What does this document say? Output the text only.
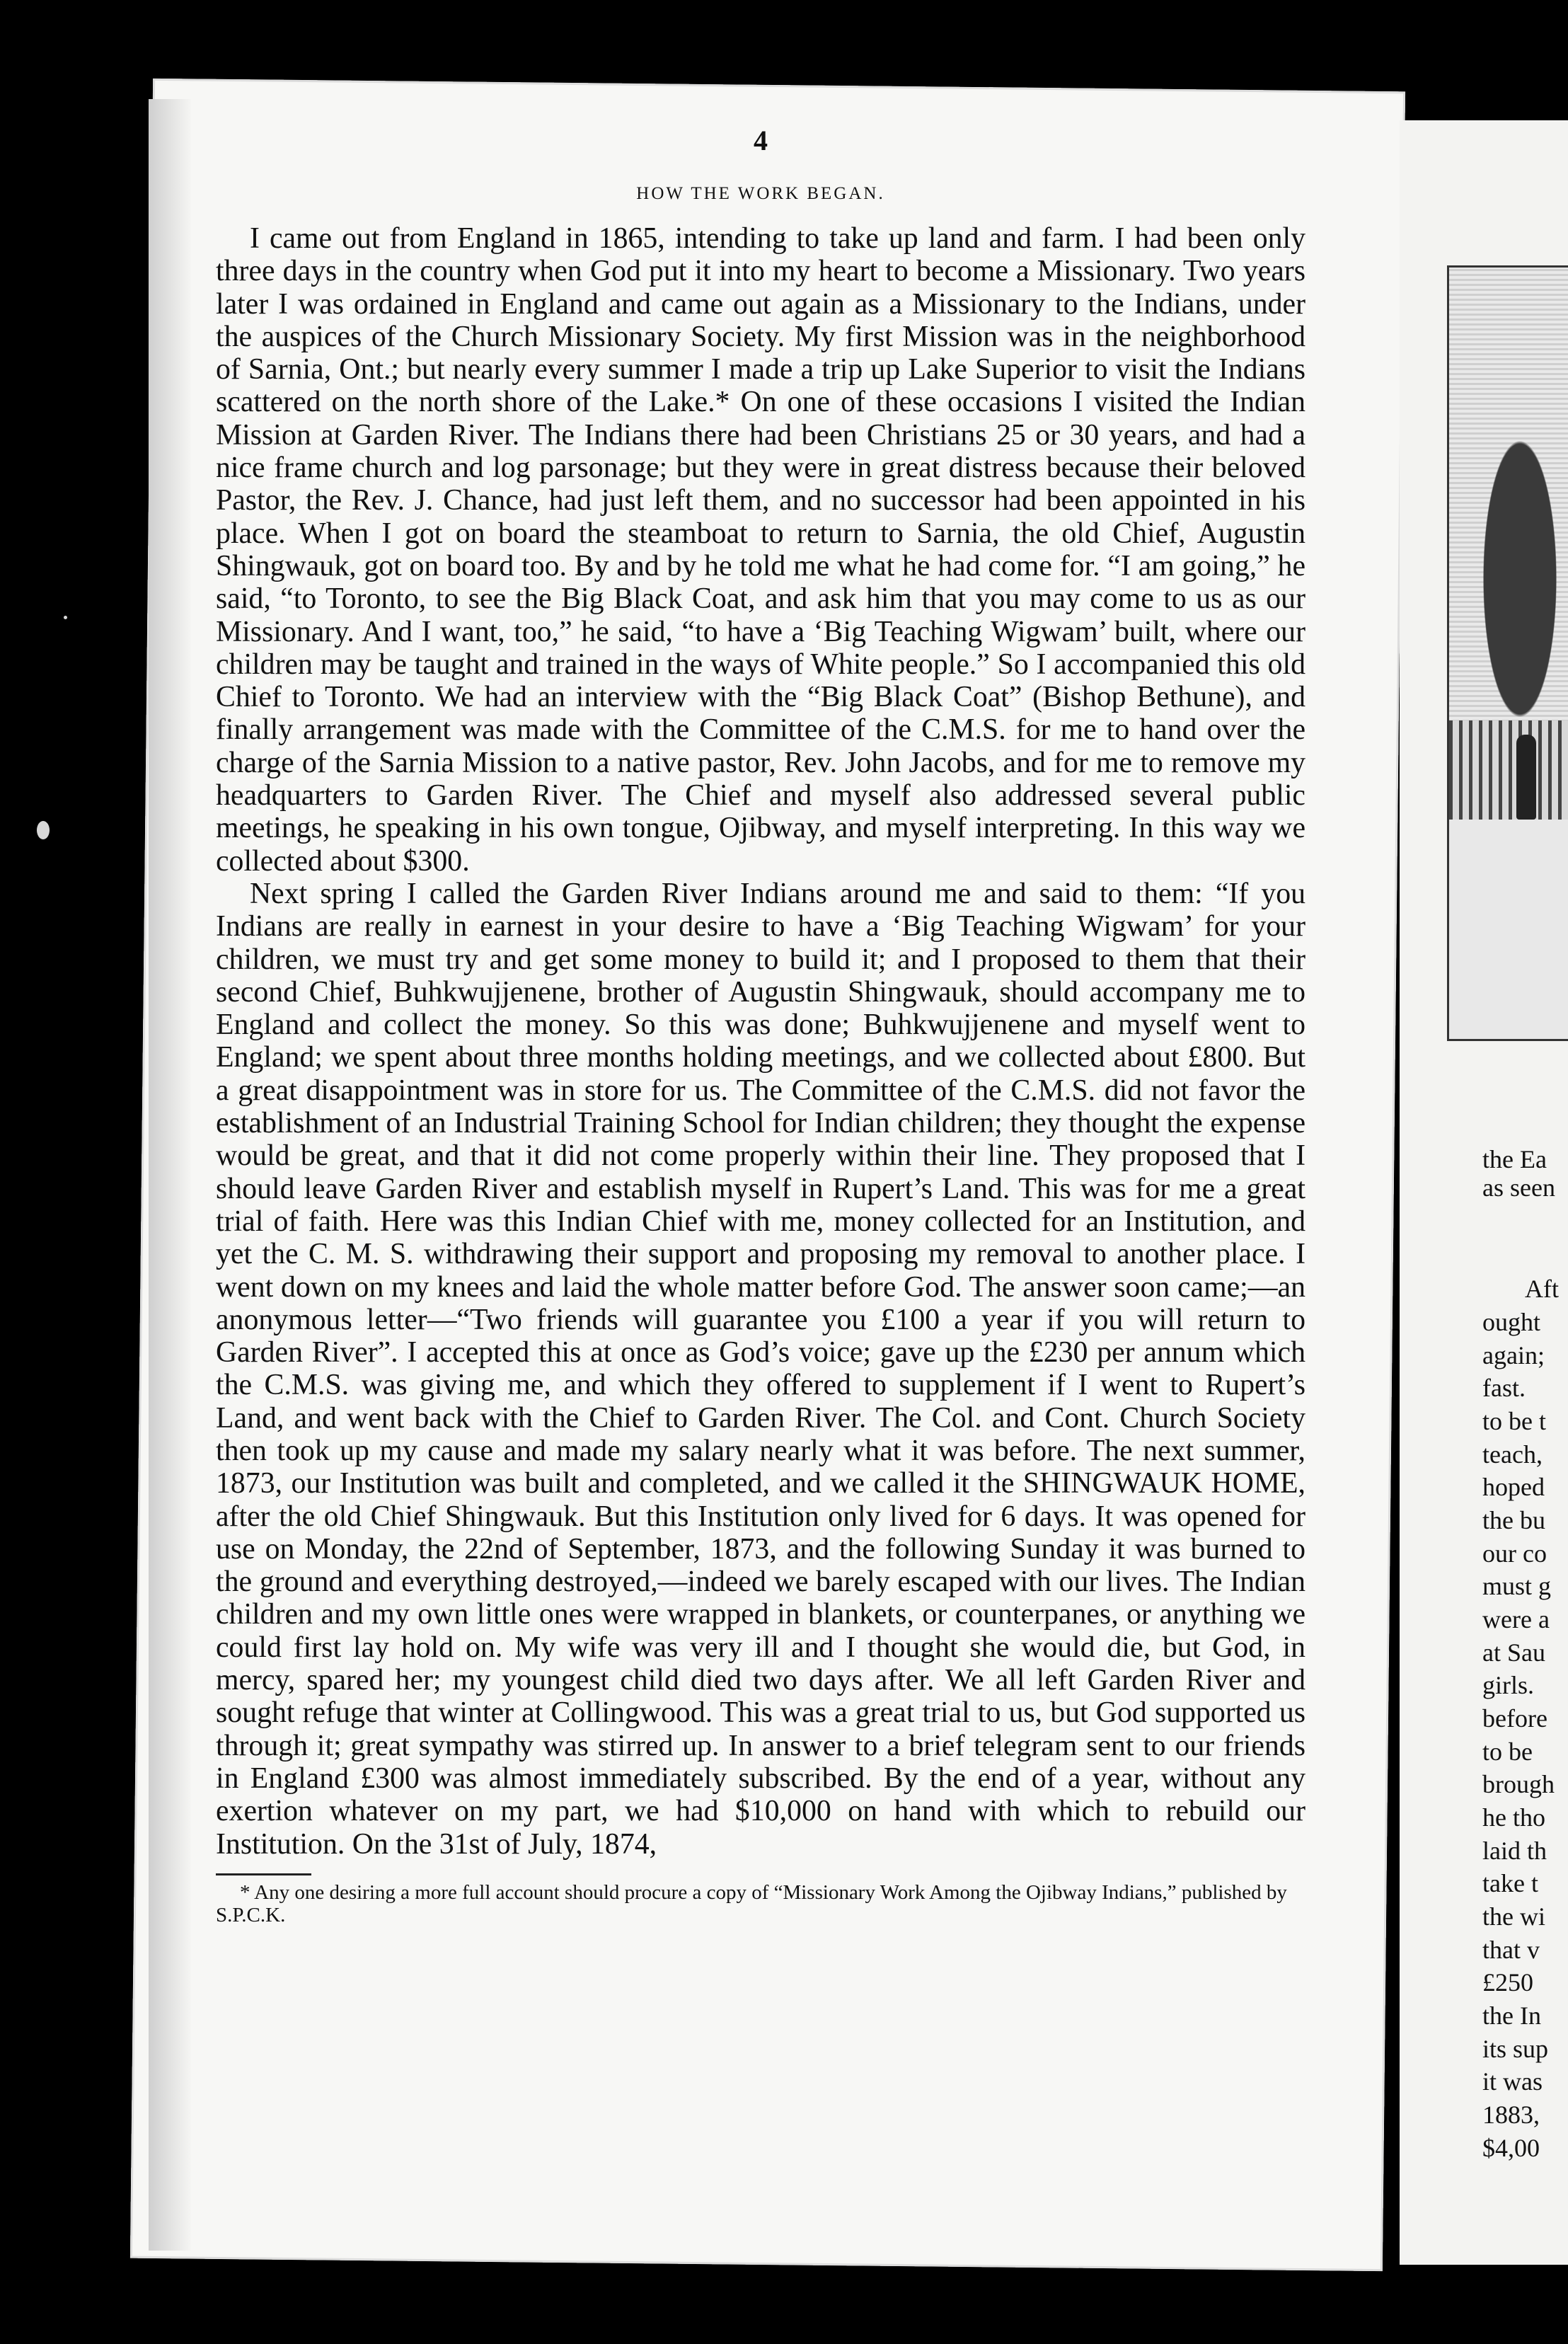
4
HOW THE WORK BEGAN.

I came out from England in 1865, intending to take up land and farm. I had been only three days in the country when God put it into my heart to become a Missionary. Two years later I was ordained in England and came out again as a Missionary to the Indians, under the auspices of the Church Missionary Society. My first Mission was in the neighborhood of Sarnia, Ont.; but nearly every summer I made a trip up Lake Superior to visit the Indians scattered on the north shore of the Lake.* On one of these occasions I visited the Indian Mission at Garden River. The Indians there had been Christians 25 or 30 years, and had a nice frame church and log parsonage; but they were in great distress because their beloved Pastor, the Rev. J. Chance, had just left them, and no successor had been appointed in his place. When I got on board the steamboat to return to Sarnia, the old Chief, Augustin Shingwauk, got on board too. By and by he told me what he had come for. “I am going,” he said, “to Toronto, to see the Big Black Coat, and ask him that you may come to us as our Missionary. And I want, too,” he said, “to have a ‘Big Teaching Wigwam’ built, where our children may be taught and trained in the ways of White people.” So I accompanied this old Chief to Toronto. We had an interview with the “Big Black Coat” (Bishop Bethune), and finally arrangement was made with the Committee of the C.M.S. for me to hand over the charge of the Sarnia Mission to a native pastor, Rev. John Jacobs, and for me to remove my headquarters to Garden River. The Chief and myself also addressed several public meetings, he speaking in his own tongue, Ojibway, and myself interpreting. In this way we collected about $300.

Next spring I called the Garden River Indians around me and said to them: “If you Indians are really in earnest in your desire to have a ‘Big Teaching Wigwam’ for your children, we must try and get some money to build it; and I proposed to them that their second Chief, Buhkwujjenene, brother of Augustin Shingwauk, should accompany me to England and collect the money. So this was done; Buhkwujjenene and myself went to England; we spent about three months holding meetings, and we collected about £800. But a great disappointment was in store for us. The Committee of the C.M.S. did not favor the establishment of an Industrial Training School for Indian children; they thought the expense would be great, and that it did not come properly within their line. They proposed that I should leave Garden River and establish myself in Rupert’s Land. This was for me a great trial of faith. Here was this Indian Chief with me, money collected for an Institution, and yet the C. M. S. withdrawing their support and proposing my removal to another place. I went down on my knees and laid the whole matter before God. The answer soon came;—an anonymous letter—“Two friends will guarantee you £100 a year if you will return to Garden River”. I accepted this at once as God’s voice; gave up the £230 per annum which the C.M.S. was giving me, and which they offered to supplement if I went to Rupert’s Land, and went back with the Chief to Garden River. The Col. and Cont. Church Society then took up my cause and made my salary nearly what it was before. The next summer, 1873, our Institution was built and completed, and we called it the SHINGWAUK HOME, after the old Chief Shingwauk. But this Institution only lived for 6 days. It was opened for use on Monday, the 22nd of September, 1873, and the following Sunday it was burned to the ground and everything destroyed,—indeed we barely escaped with our lives. The Indian children and my own little ones were wrapped in blankets, or counterpanes, or anything we could first lay hold on. My wife was very ill and I thought she would die, but God, in mercy, spared her; my youngest child died two days after. We all left Garden River and sought refuge that winter at Collingwood. This was a great trial to us, but God supported us through it; great sympathy was stirred up. In answer to a brief telegram sent to our friends in England £300 was almost immediately subscribed. By the end of a year, without any exertion whatever on my part, we had $10,000 on hand with which to rebuild our Institution. On the 31st of July, 1874,

* Any one desiring a more full account should procure a copy of “Missionary Work Among the Ojibway Indians,” published by S.P.C.K.

the Ea
as seen
Aft
ought
again;
fast.
to be t
teach,
hoped
the bu
our co
must g
were a
at Sau
girls.
before
to be
brough
he tho
laid th
take t
the wi
that v
£250
the In
its sup
it was
1883,
$4,00
